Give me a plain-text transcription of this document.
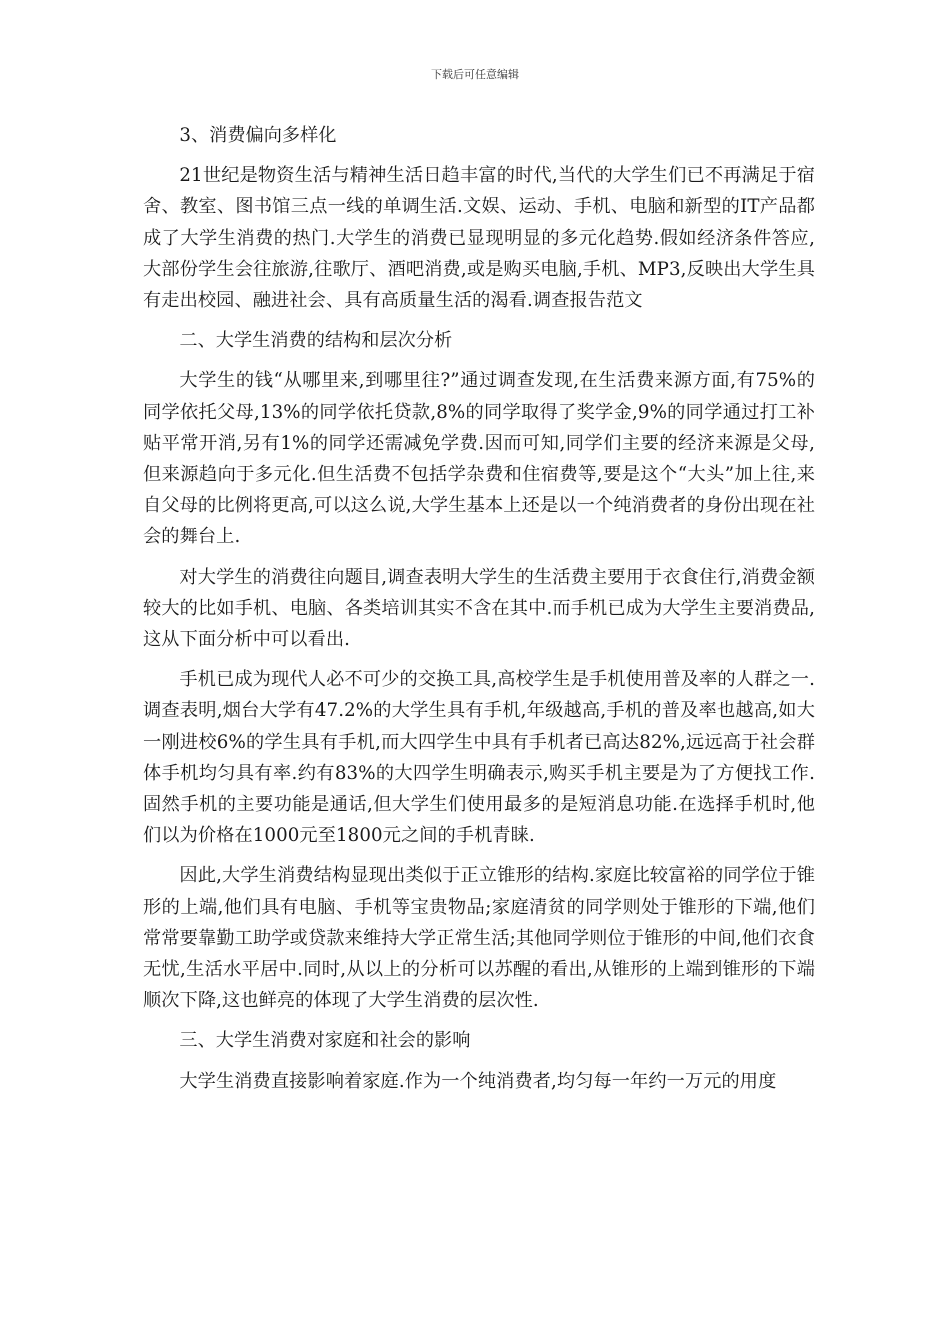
下载后可任意编辑

3、消费偏向多样化

21世纪是物资生活与精神生活日趋丰富的时代,当代的大学生们已不再满足于宿舍、教室、图书馆三点一线的单调生活.文娱、运动、手机、电脑和新型的IT产品都成了大学生消费的热门.大学生的消费已显现明显的多元化趋势.假如经济条件答应,大部份学生会往旅游,往歌厅、酒吧消费,或是购买电脑,手机、MP3,反映出大学生具有走出校园、融进社会、具有高质量生活的渴看.调查报告范文

二、大学生消费的结构和层次分析

大学生的钱“从哪里来,到哪里往?”通过调查发现,在生活费来源方面,有75%的同学依托父母,13%的同学依托贷款,8%的同学取得了奖学金,9%的同学通过打工补贴平常开消,另有1%的同学还需减免学费.因而可知,同学们主要的经济来源是父母,但来源趋向于多元化.但生活费不包括学杂费和住宿费等,要是这个“大头”加上往,来自父母的比例将更高,可以这么说,大学生基本上还是以一个纯消费者的身份出现在社会的舞台上.

对大学生的消费往向题目,调查表明大学生的生活费主要用于衣食住行,消费金额较大的比如手机、电脑、各类培训其实不含在其中.而手机已成为大学生主要消费品,这从下面分析中可以看出.

手机已成为现代人必不可少的交换工具,高校学生是手机使用普及率的人群之一.调查表明,烟台大学有47.2%的大学生具有手机,年级越高,手机的普及率也越高,如大一刚进校6%的学生具有手机,而大四学生中具有手机者已高达82%,远远高于社会群体手机均匀具有率.约有83%的大四学生明确表示,购买手机主要是为了方便找工作.固然手机的主要功能是通话,但大学生们使用最多的是短消息功能.在选择手机时,他们以为价格在1000元至1800元之间的手机青睐.

因此,大学生消费结构显现出类似于正立锥形的结构.家庭比较富裕的同学位于锥形的上端,他们具有电脑、手机等宝贵物品;家庭清贫的同学则处于锥形的下端,他们常常要靠勤工助学或贷款来维持大学正常生活;其他同学则位于锥形的中间,他们衣食无忧,生活水平居中.同时,从以上的分析可以苏醒的看出,从锥形的上端到锥形的下端顺次下降,这也鲜亮的体现了大学生消费的层次性.

三、大学生消费对家庭和社会的影响

大学生消费直接影响着家庭.作为一个纯消费者,均匀每一年约一万元的用度
